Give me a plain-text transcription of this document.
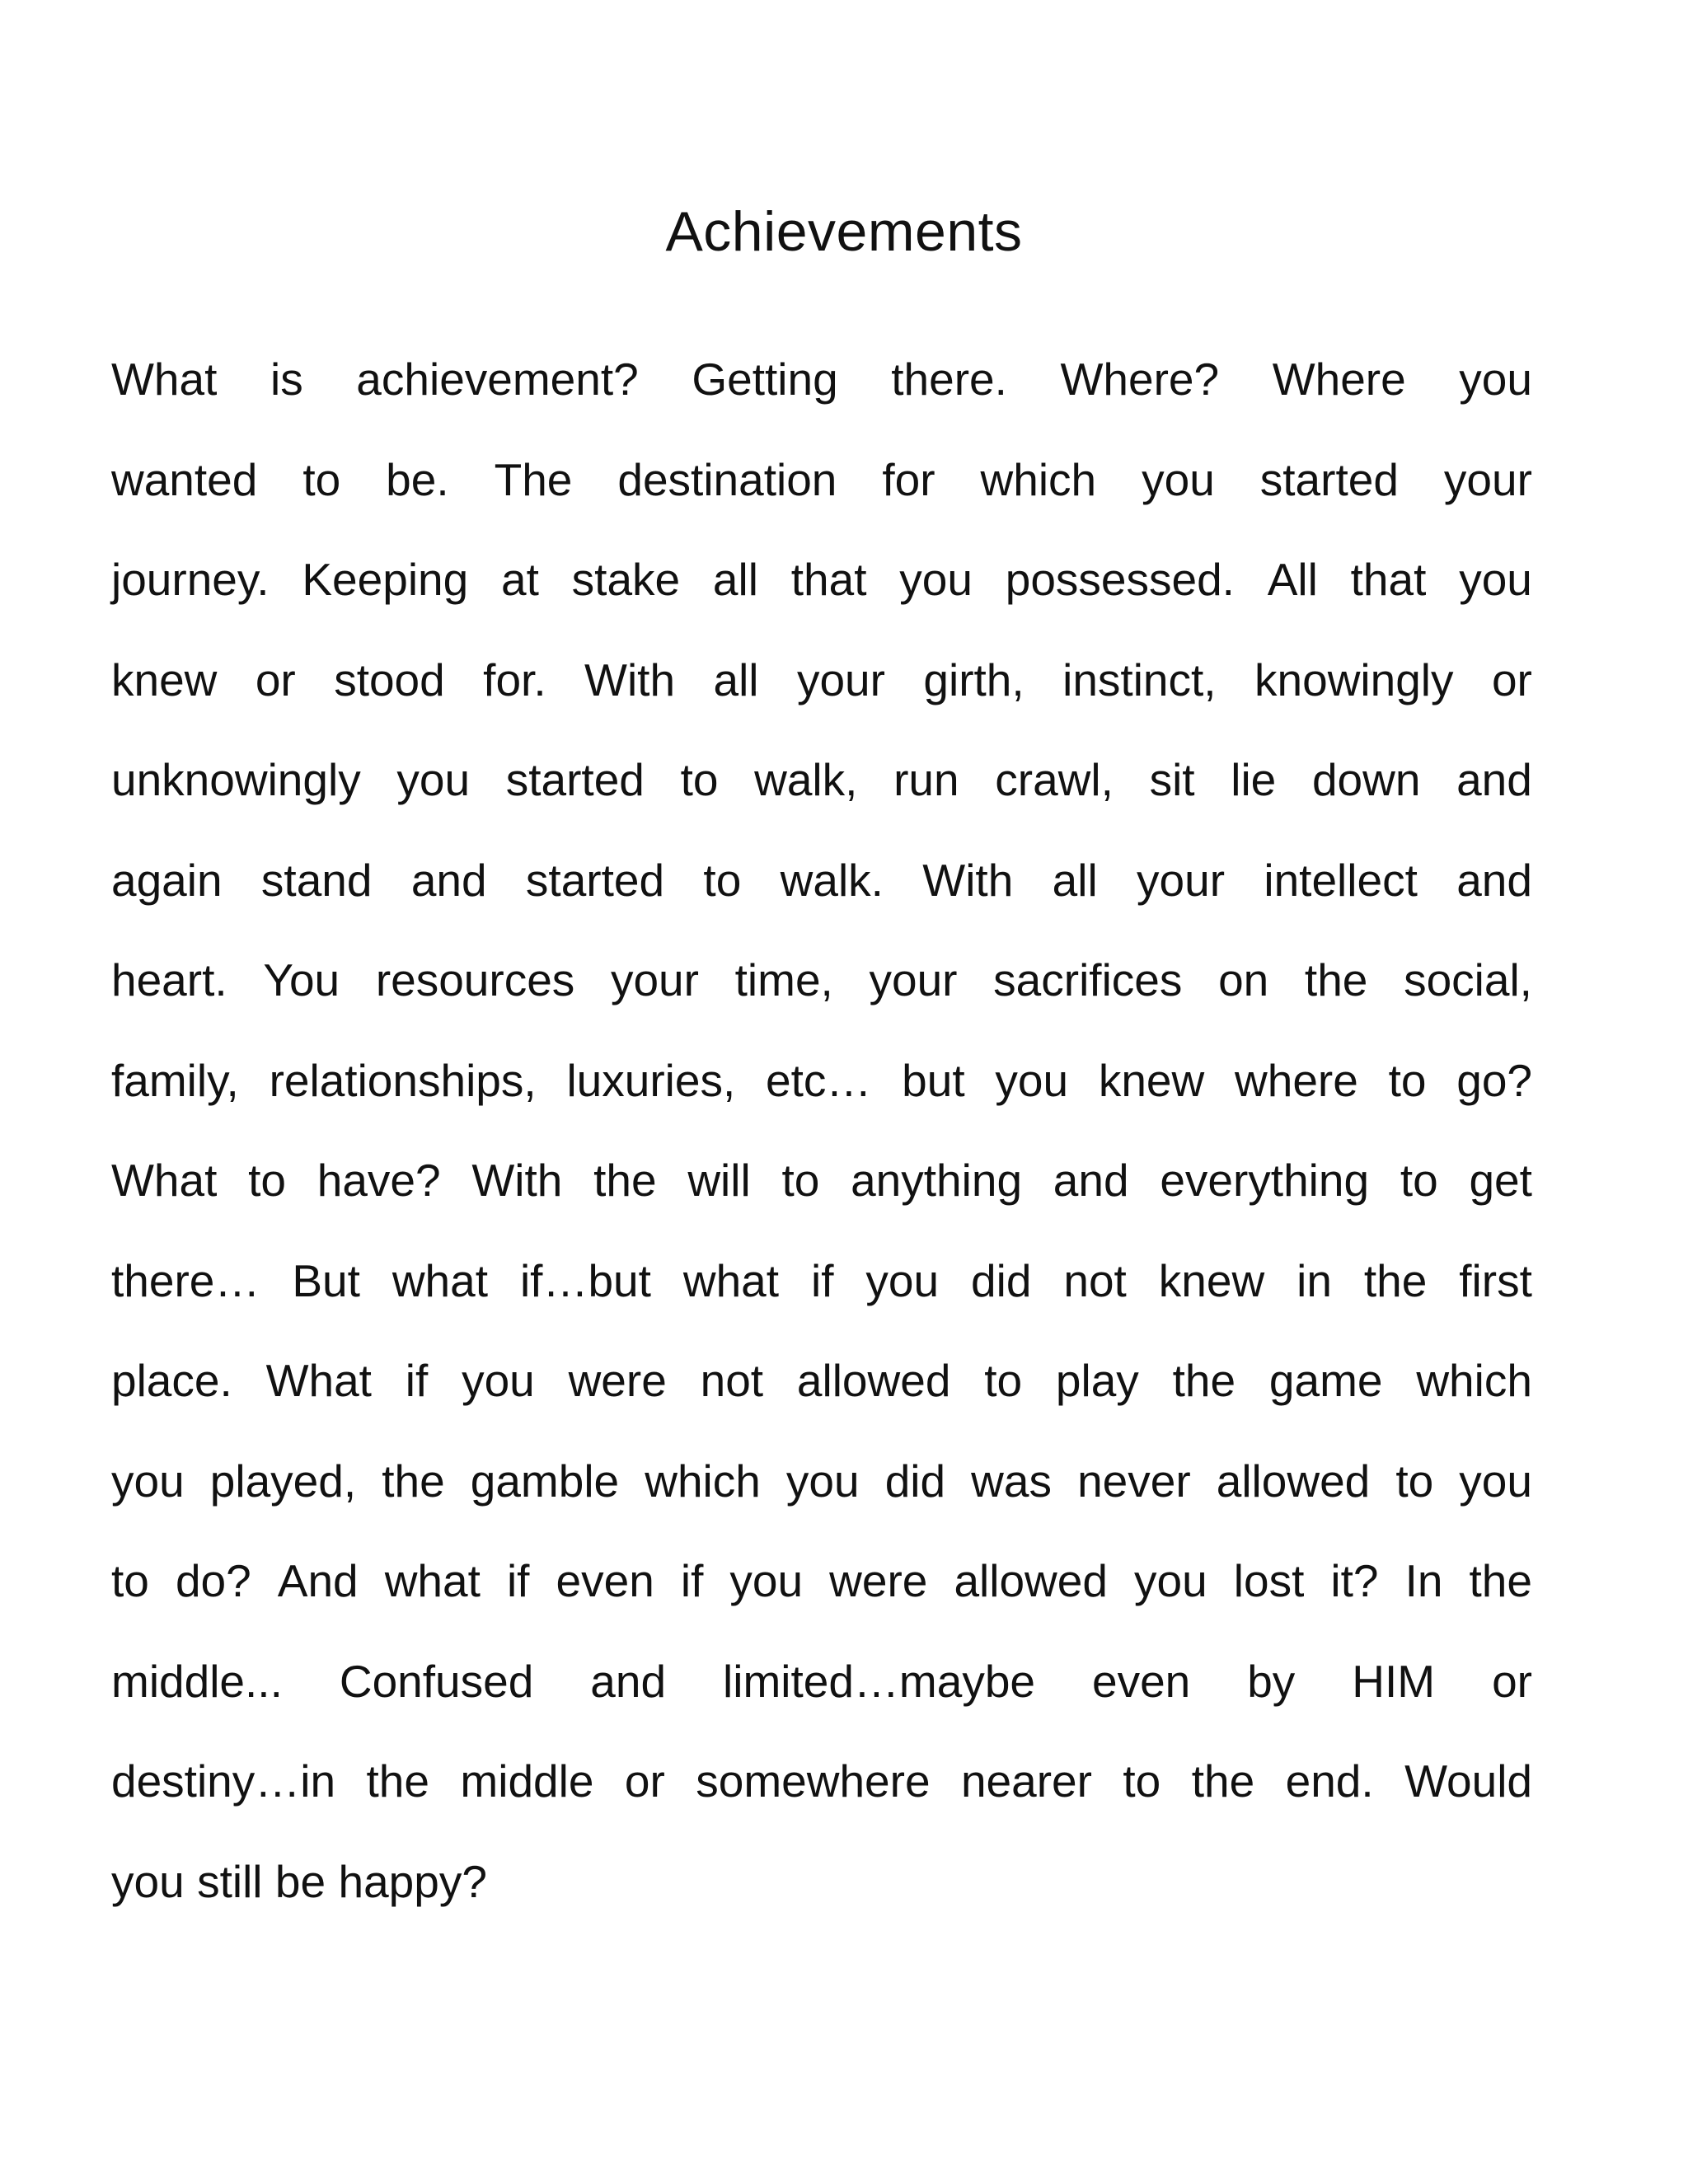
Achievements
What is achievement? Getting there. Where? Where you
wanted to be. The destination for which you started your
journey. Keeping at stake all that you possessed. All that you
knew or stood for. With all your girth, instinct, knowingly or
unknowingly you started to walk, run crawl, sit lie down and
again stand and started to walk. With all your intellect and
heart. You resources your time, your sacrifices on the social,
family, relationships, luxuries, etc… but you knew where to go?
What to have? With the will to anything and everything to get
there… But what if…but what if you did not knew in the first
place. What if you were not allowed to play the game which
you played, the gamble which you did was never allowed to you
to do? And what if even if you were allowed you lost it? In the
middle... Confused and limited…maybe even by HIM or
destiny…in the middle or somewhere nearer to the end. Would
you still be happy?
